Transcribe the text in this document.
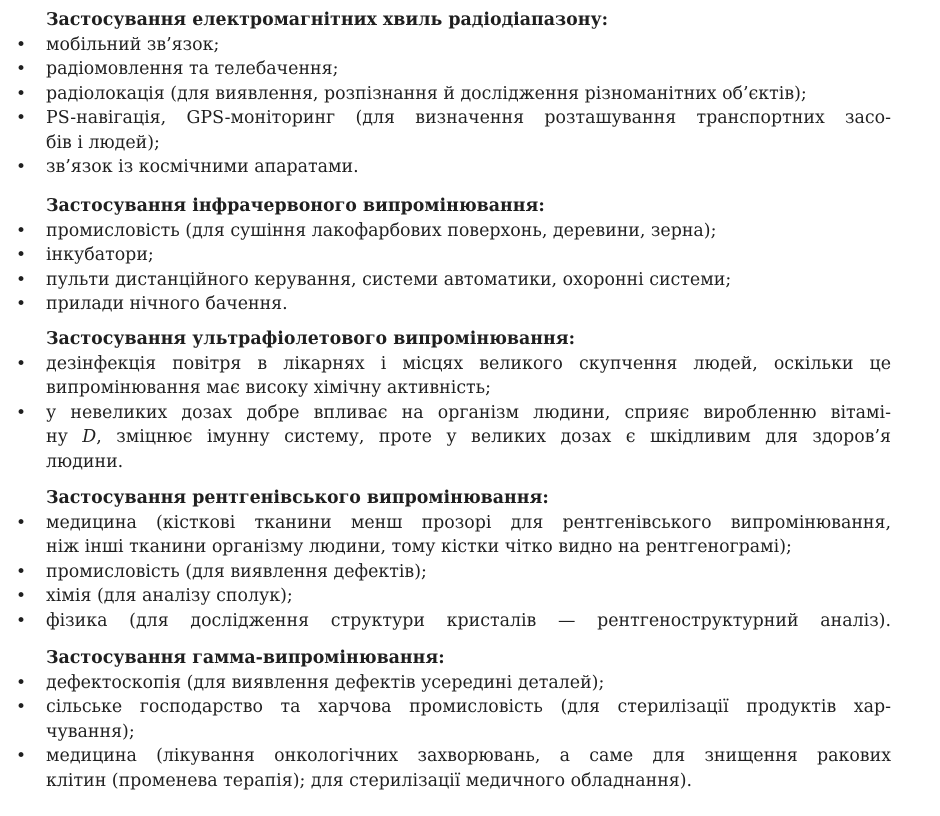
Застосування електромагнітних хвиль радіодіапазону:

• мобільний зв’язок;
• радіомовлення та телебачення;
• радіолокація (для виявлення, розпізнання й дослідження різноманітних об’єктів);
• PS-навігація, GPS-моніторинг (для визначення розташування транспортних засо-
бів і людей);
• зв’язок із космічними апаратами.

Застосування інфрачервоного випромінювання:

• промисловість (для сушіння лакофарбових поверхонь, деревини, зерна);
• інкубатори;
• пульти дистанційного керування, системи автоматики, охоронні системи;
• прилади нічного бачення.

Застосування ультрафіолетового випромінювання:

• дезінфекція повітря в лікарнях і місцях великого скупчення людей, оскільки це
випромінювання має високу хімічну активність;
• у невеликих дозах добре впливає на організм людини, сприяє виробленню вітамі-
ну D, зміцнює імунну систему, проте у великих дозах є шкідливим для здоров’я
людини.

Застосування рентгенівського випромінювання:

• медицина (кісткові тканини менш прозорі для рентгенівського випромінювання,
ніж інші тканини організму людини, тому кістки чітко видно на рентгенограмі);
• промисловість (для виявлення дефектів);
• хімія (для аналізу сполук);
• фізика (для дослідження структури кристалів — рентгеноструктурний аналіз).

Застосування гамма-випромінювання:

• дефектоскопія (для виявлення дефектів усередині деталей);
• сільське господарство та харчова промисловість (для стерилізації продуктів хар-
чування);
• медицина (лікування онкологічних захворювань, а саме для знищення ракових
клітин (променева терапія); для стерилізації медичного обладнання).
